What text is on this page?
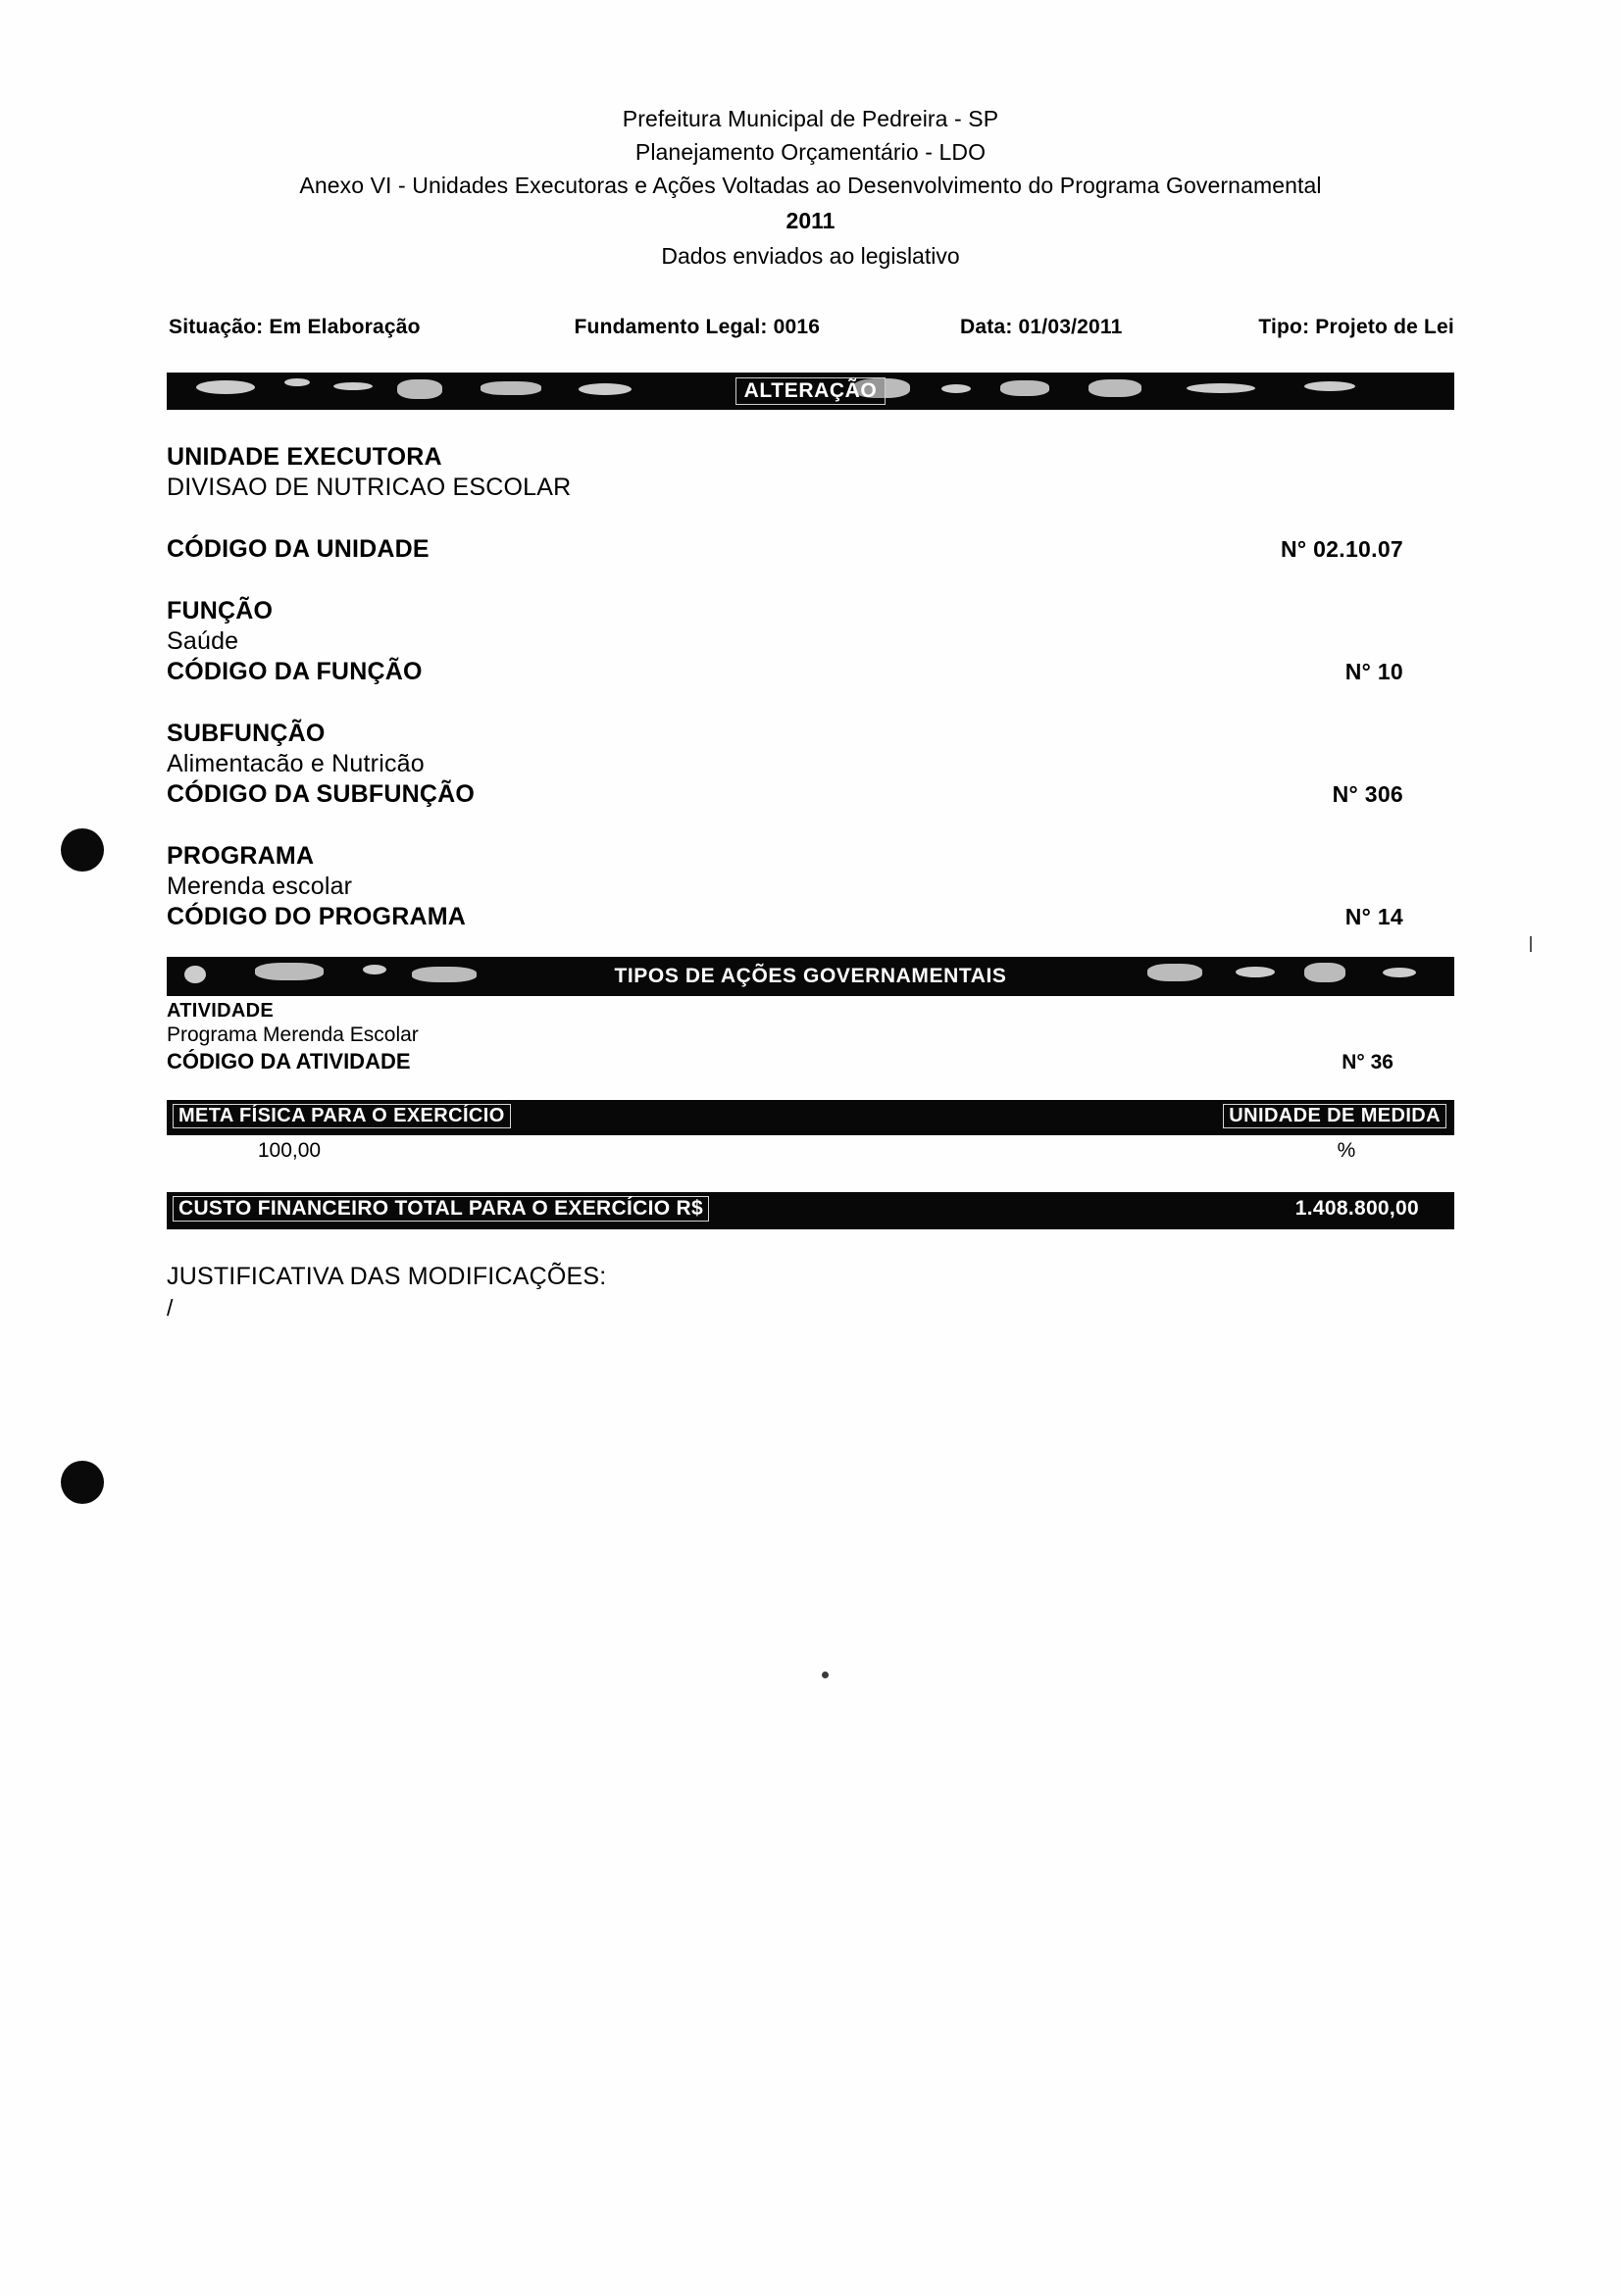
Prefeitura Municipal de Pedreira - SP
Planejamento Orçamentário - LDO
Anexo VI - Unidades Executoras e Ações Voltadas ao Desenvolvimento do Programa Governamental
2011
Dados enviados ao legislativo
Situação: Em Elaboração	Fundamento Legal: 0016	Data: 01/03/2011	Tipo: Projeto de Lei
ALTERAÇÃO
UNIDADE EXECUTORA
DIVISAO DE NUTRICAO ESCOLAR
CÓDIGO DA UNIDADE	N° 02.10.07
FUNÇÃO
Saúde
CÓDIGO DA FUNÇÃO	N° 10
SUBFUNÇÃO
Alimentacão e Nutricão
CÓDIGO DA SUBFUNÇÃO	N° 306
PROGRAMA
Merenda escolar
CÓDIGO DO PROGRAMA	N° 14
TIPOS DE AÇÕES GOVERNAMENTAIS
ATIVIDADE
Programa Merenda Escolar
CÓDIGO DA ATIVIDADE	N° 36
META FÍSICA PARA O EXERCÍCIO	UNIDADE DE MEDIDA
100,00	%
CUSTO FINANCEIRO TOTAL PARA O EXERCÍCIO R$	1.408.800,00
JUSTIFICATIVA DAS MODIFICAÇÕES:
/
